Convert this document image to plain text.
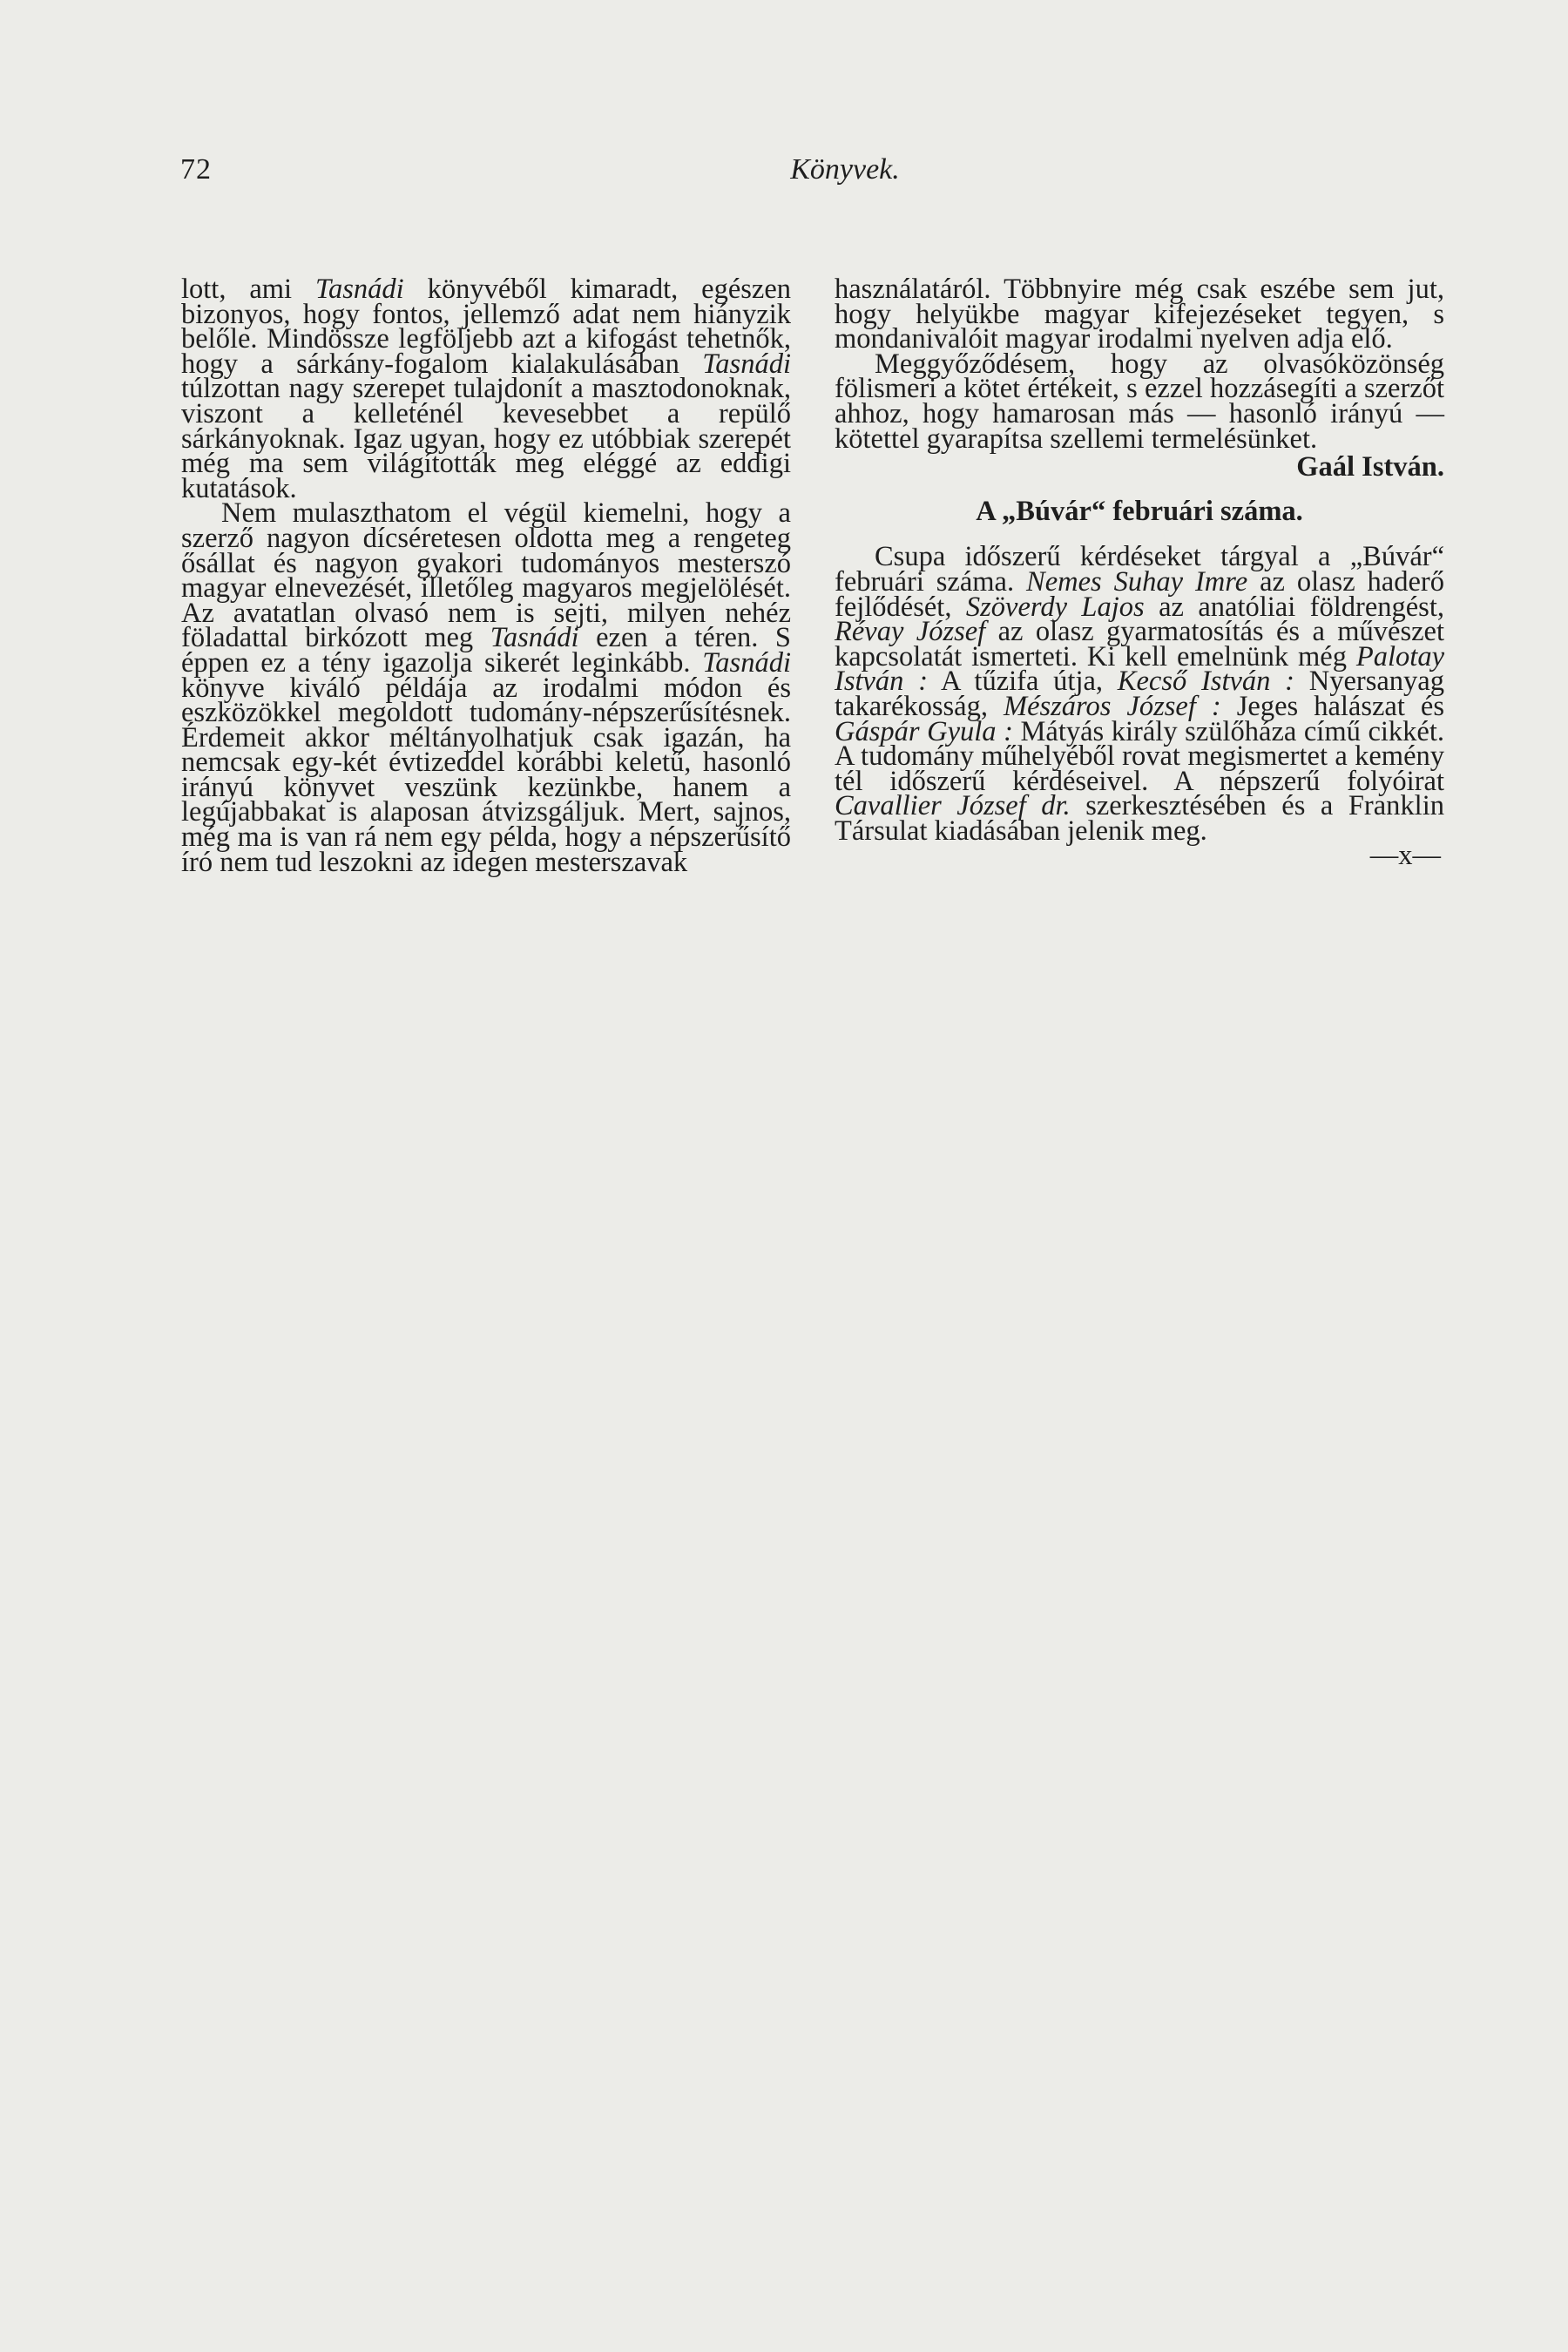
72	Könyvek.

lott, ami Tasnádi könyvéből kimaradt, egészen bizonyos, hogy fontos, jellemző adat nem hiányzik belőle. Mindössze legföljebb azt a kifogást tehetnők, hogy a sárkány-fogalom kialakulásában Tasnádi túlzottan nagy szerepet tulajdonít a masztodonoknak, viszont a kelleténél kevesebbet a repülő sárkányoknak. Igaz ugyan, hogy ez utóbbiak szerepét még ma sem világították meg eléggé az eddigi kutatások.

Nem mulaszthatom el végül kiemelni, hogy a szerző nagyon dícséretesen oldotta meg a rengeteg ősállat és nagyon gyakori tudományos mesterszó magyar elnevezését, illetőleg magyaros megjelölését. Az avatatlan olvasó nem is sejti, milyen nehéz föladattal birkózott meg Tasnádi ezen a téren. S éppen ez a tény igazolja sikerét leginkább. Tasnádi könyve kiváló példája az irodalmi módon és eszközökkel megoldott tudomány-népszerűsítésnek. Érdemeit akkor méltányolhatjuk csak igazán, ha nemcsak egy-két évtizeddel korábbi keletű, hasonló irányú könyvet veszünk kezünkbe, hanem a legújabbakat is alaposan átvizsgáljuk. Mert, sajnos, még ma is van rá nem egy példa, hogy a népszerűsítő író nem tud leszokni az idegen mesterszavak

használatáról. Többnyire még csak eszébe sem jut, hogy helyükbe magyar kifejezéseket tegyen, s mondanivalóit magyar irodalmi nyelven adja elő.

Meggyőződésem, hogy az olvasóközönség fölismeri a kötet értékeit, s ezzel hozzásegíti a szerzőt ahhoz, hogy hamarosan más — hasonló irányú — kötettel gyarapítsa szellemi termelésünket.

Gaál István.

A „Búvár“ februári száma.

Csupa időszerű kérdéseket tárgyal a „Búvár“ februári száma. Nemes Suhay Imre az olasz haderő fejlődését, Szöverdy Lajos az anatóliai földrengést, Révay József az olasz gyarmatosítás és a művészet kapcsolatát ismerteti. Ki kell emelnünk még Palotay István : A tűzifa útja, Kecső István : Nyersanyag takarékosság, Mészáros József : Jeges halászat és Gáspár Gyula : Mátyás király szülőháza című cikkét. A tudomány műhelyéből rovat megismertet a kemény tél időszerű kérdéseivel. A népszerű folyóirat Cavallier József dr. szerkesztésében és a Franklin Társulat kiadásában jelenik meg.

—x—
